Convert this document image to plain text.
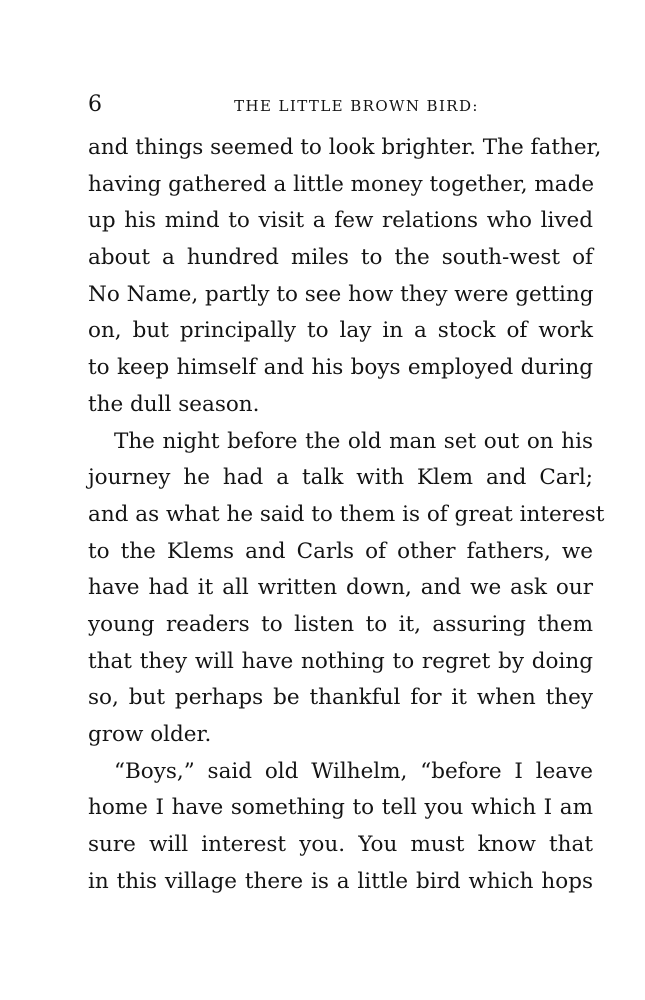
6	THE LITTLE BROWN BIRD:
and things seemed to look brighter. The father,
having gathered a little money together, made
up his mind to visit a few relations who lived
about a hundred miles to the south-west of
No Name, partly to see how they were getting
on, but principally to lay in a stock of work
to keep himself and his boys employed during
the dull season.
The night before the old man set out on his
journey he had a talk with Klem and Carl;
and as what he said to them is of great interest
to the Klems and Carls of other fathers, we
have had it all written down, and we ask our
young readers to listen to it, assuring them
that they will have nothing to regret by doing
so, but perhaps be thankful for it when they
grow older.
“Boys,” said old Wilhelm, “before I leave
home I have something to tell you which I am
sure will interest you. You must know that
in this village there is a little bird which hops
